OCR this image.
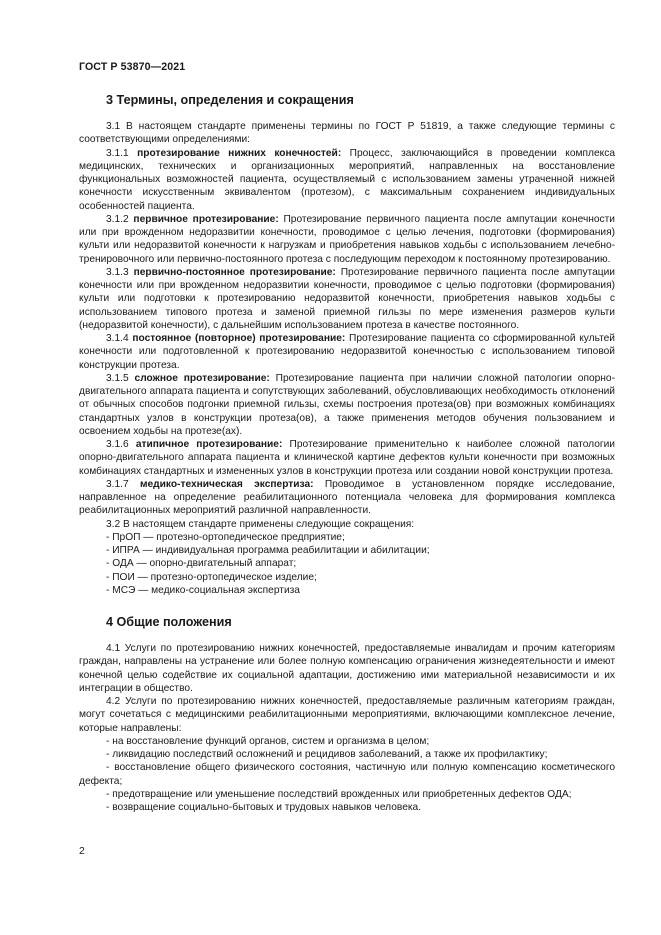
ГОСТ Р 53870—2021
3 Термины, определения и сокращения

3.1 В настоящем стандарте применены термины по ГОСТ Р 51819, а также следующие термины с соответствующими определениями:

3.1.1 протезирование нижних конечностей: Процесс, заключающийся в проведении комплекса медицинских, технических и организационных мероприятий, направленных на восстановление функциональных возможностей пациента, осуществляемый с использованием замены утраченной нижней конечности искусственным эквивалентом (протезом), с максимальным сохранением индивидуальных особенностей пациента.

3.1.2 первичное протезирование: Протезирование первичного пациента после ампутации конечности или при врожденном недоразвитии конечности, проводимое с целью лечения, подготовки (формирования) культи или недоразвитой конечности к нагрузкам и приобретения навыков ходьбы с использованием лечебно-тренировочного или первично-постоянного протеза с последующим переходом к постоянному протезированию.

3.1.3 первично-постоянное протезирование: Протезирование первичного пациента после ампутации конечности или при врожденном недоразвитии конечности, проводимое с целью подготовки (формирования) культи или подготовки к протезированию недоразвитой конечности, приобретения навыков ходьбы с использованием типового протеза и заменой приемной гильзы по мере изменения размеров культи (недоразвитой конечности), с дальнейшим использованием протеза в качестве постоянного.

3.1.4 постоянное (повторное) протезирование: Протезирование пациента со сформированной культей конечности или подготовленной к протезированию недоразвитой конечностью с использованием типовой конструкции протеза.

3.1.5 сложное протезирование: Протезирование пациента при наличии сложной патологии опорно-двигательного аппарата пациента и сопутствующих заболеваний, обусловливающих необходимость отклонений от обычных способов подгонки приемной гильзы, схемы построения протеза(ов) при возможных комбинациях стандартных узлов в конструкции протеза(ов), а также применения методов обучения пользованием и освоением ходьбы на протезе(ах).

3.1.6 атипичное протезирование: Протезирование применительно к наиболее сложной патологии опорно-двигательного аппарата пациента и клинической картине дефектов культи конечности при возможных комбинациях стандартных и измененных узлов в конструкции протеза или создании новой конструкции протеза.

3.1.7 медико-техническая экспертиза: Проводимое в установленном порядке исследование, направленное на определение реабилитационного потенциала человека для формирования комплекса реабилитационных мероприятий различной направленности.

3.2 В настоящем стандарте применены следующие сокращения:

- ПрОП — протезно-ортопедическое предприятие;
- ИПРА — индивидуальная программа реабилитации и абилитации;
- ОДА — опорно-двигательный аппарат;
- ПОИ — протезно-ортопедическое изделие;
- МСЭ — медико-социальная экспертиза
4 Общие положения

4.1 Услуги по протезированию нижних конечностей, предоставляемые инвалидам и прочим категориям граждан, направлены на устранение или более полную компенсацию ограничения жизнедеятельности и имеют конечной целью содействие их социальной адаптации, достижению ими материальной независимости и их интеграции в общество.

4.2 Услуги по протезированию нижних конечностей, предоставляемые различным категориям граждан, могут сочетаться с медицинскими реабилитационными мероприятиями, включающими комплексное лечение, которые направлены:

- на восстановление функций органов, систем и организма в целом;
- ликвидацию последствий осложнений и рецидивов заболеваний, а также их профилактику;
- восстановление общего физического состояния, частичную или полную компенсацию косметического дефекта;
- предотвращение или уменьшение последствий врожденных или приобретенных дефектов ОДА;
- возвращение социально-бытовых и трудовых навыков человека.
2
